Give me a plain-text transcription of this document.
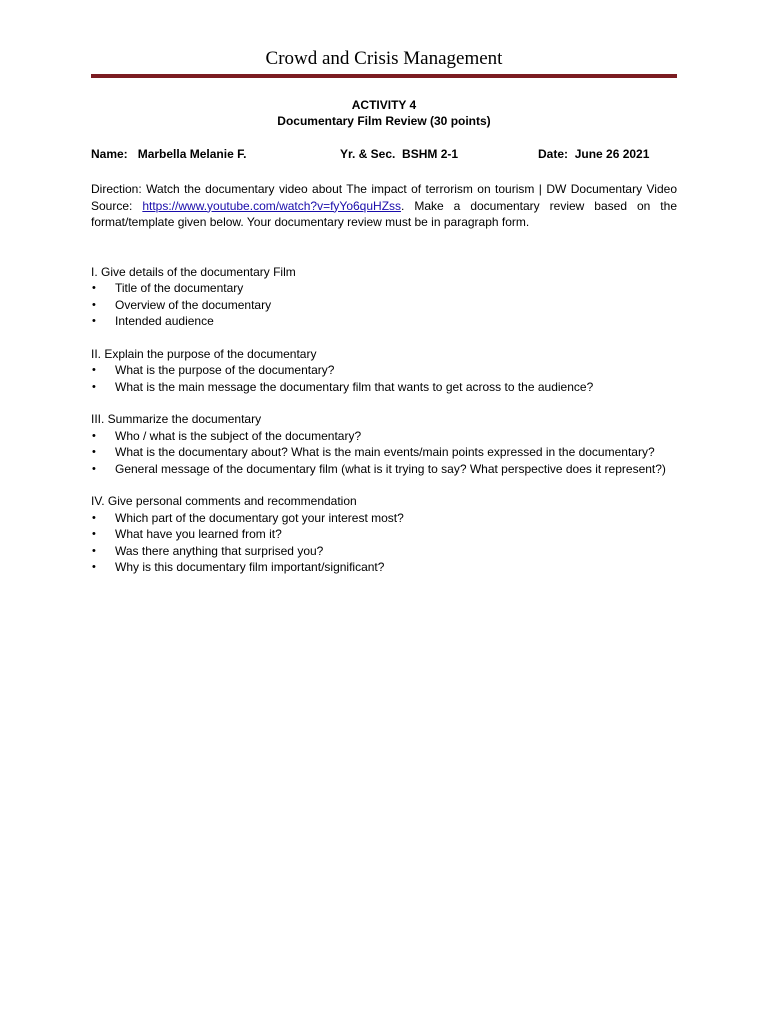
Crowd and Crisis Management
ACTIVITY 4
Documentary Film Review (30 points)
Name: Marbella Melanie F.	Yr. & Sec. BSHM 2-1	Date: June 26 2021
Direction: Watch the documentary video about The impact of terrorism on tourism | DW Documentary Video Source: https://www.youtube.com/watch?v=fyYo6quHZss. Make a documentary review based on the format/template given below. Your documentary review must be in paragraph form.
I. Give details of the documentary Film
• Title of the documentary
• Overview of the documentary
• Intended audience
II. Explain the purpose of the documentary
• What is the purpose of the documentary?
• What is the main message the documentary film that wants to get across to the audience?
III. Summarize the documentary
• Who / what is the subject of the documentary?
• What is the documentary about? What is the main events/main points expressed in the documentary?
• General message of the documentary film (what is it trying to say? What perspective does it represent?)
IV. Give personal comments and recommendation
• Which part of the documentary got your interest most?
• What have you learned from it?
• Was there anything that surprised you?
• Why is this documentary film important/significant?
